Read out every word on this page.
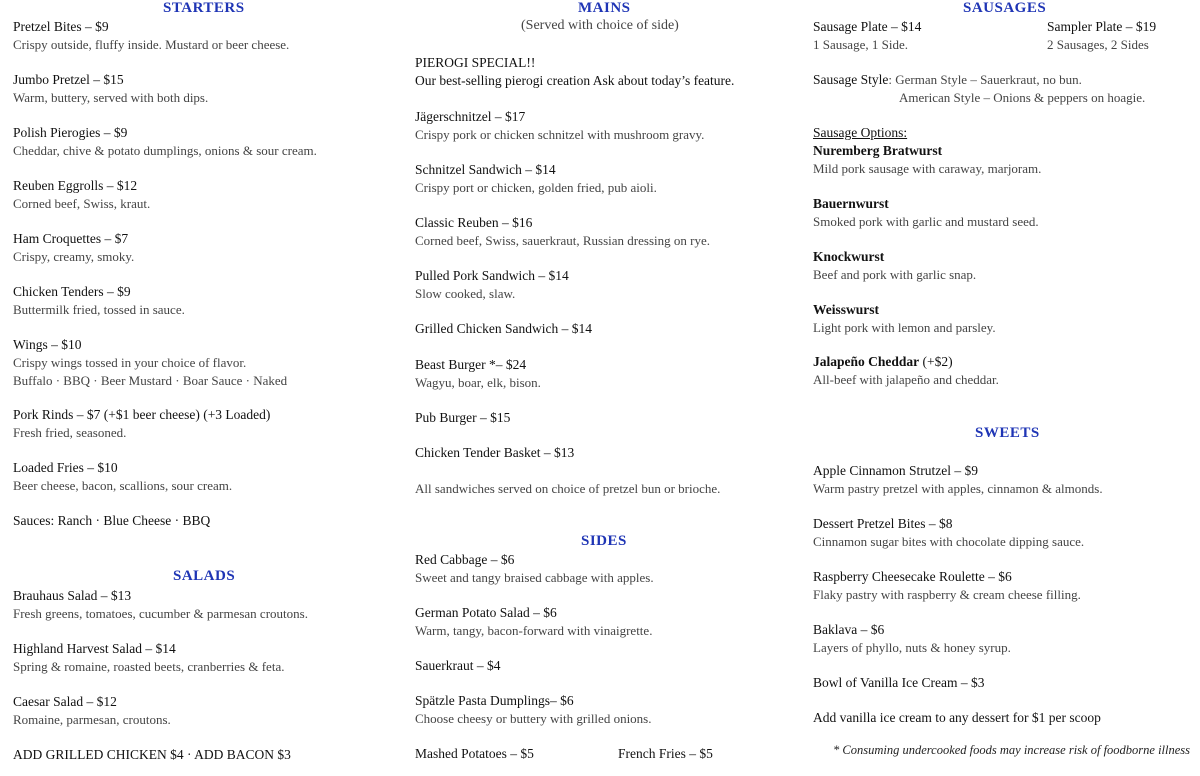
STARTERS
Pretzel Bites – $9
Crispy outside, fluffy inside. Mustard or beer cheese.
Jumbo Pretzel – $15
Warm, buttery, served with both dips.
Polish Pierogies – $9
Cheddar, chive & potato dumplings, onions & sour cream.
Reuben Eggrolls – $12
Corned beef, Swiss, kraut.
Ham Croquettes – $7
Crispy, creamy, smoky.
Chicken Tenders – $9
Buttermilk fried, tossed in sauce.
Wings – $10
Crispy wings tossed in your choice of flavor.
Buffalo · BBQ · Beer Mustard · Boar Sauce · Naked
Pork Rinds – $7 (+$1 beer cheese) (+3 Loaded)
Fresh fried, seasoned.
Loaded Fries – $10
Beer cheese, bacon, scallions, sour cream.
Sauces: Ranch · Blue Cheese · BBQ
SALADS
Brauhaus Salad – $13
Fresh greens, tomatoes, cucumber & parmesan croutons.
Highland Harvest Salad – $14
Spring & romaine, roasted beets, cranberries & feta.
Caesar Salad – $12
Romaine, parmesan, croutons.
ADD GRILLED CHICKEN $4 · ADD BACON $3
MAINS
(Served with choice of side)
PIEROGI SPECIAL!!
Our best-selling pierogi creation Ask about today’s feature.
Jägerschnitzel – $17
Crispy pork or chicken schnitzel with mushroom gravy.
Schnitzel Sandwich – $14
Crispy port or chicken, golden fried, pub aioli.
Classic Reuben – $16
Corned beef, Swiss, sauerkraut, Russian dressing on rye.
Pulled Pork Sandwich – $14
Slow cooked, slaw.
Grilled Chicken Sandwich – $14
Beast Burger *– $24
Wagyu, boar, elk, bison.
Pub Burger – $15
Chicken Tender Basket – $13
All sandwiches served on choice of pretzel bun or brioche.
SIDES
Red Cabbage – $6
Sweet and tangy braised cabbage with apples.
German Potato Salad – $6
Warm, tangy, bacon-forward with vinaigrette.
Sauerkraut – $4
Spätzle Pasta Dumplings– $6
Choose cheesy or buttery with grilled onions.
Mashed Potatoes – $5	French Fries – $5
SAUSAGES
Sausage Plate – $14
1 Sausage, 1 Side.
Sampler Plate – $19
2 Sausages, 2 Sides
Sausage Style: German Style – Sauerkraut, no bun.
American Style – Onions & peppers on hoagie.
Sausage Options:
Nuremberg Bratwurst
Mild pork sausage with caraway, marjoram.
Bauernwurst
Smoked pork with garlic and mustard seed.
Knockwurst
Beef and pork with garlic snap.
Weisswurst
Light pork with lemon and parsley.
Jalapeño Cheddar (+$2)
All-beef with jalapeño and cheddar.
SWEETS
Apple Cinnamon Strutzel – $9
Warm pastry pretzel with apples, cinnamon & almonds.
Dessert Pretzel Bites – $8
Cinnamon sugar bites with chocolate dipping sauce.
Raspberry Cheesecake Roulette – $6
Flaky pastry with raspberry & cream cheese filling.
Baklava – $6
Layers of phyllo, nuts & honey syrup.
Bowl of Vanilla Ice Cream – $3
Add vanilla ice cream to any dessert for $1 per scoop
* Consuming undercooked foods may increase risk of foodborne illness
